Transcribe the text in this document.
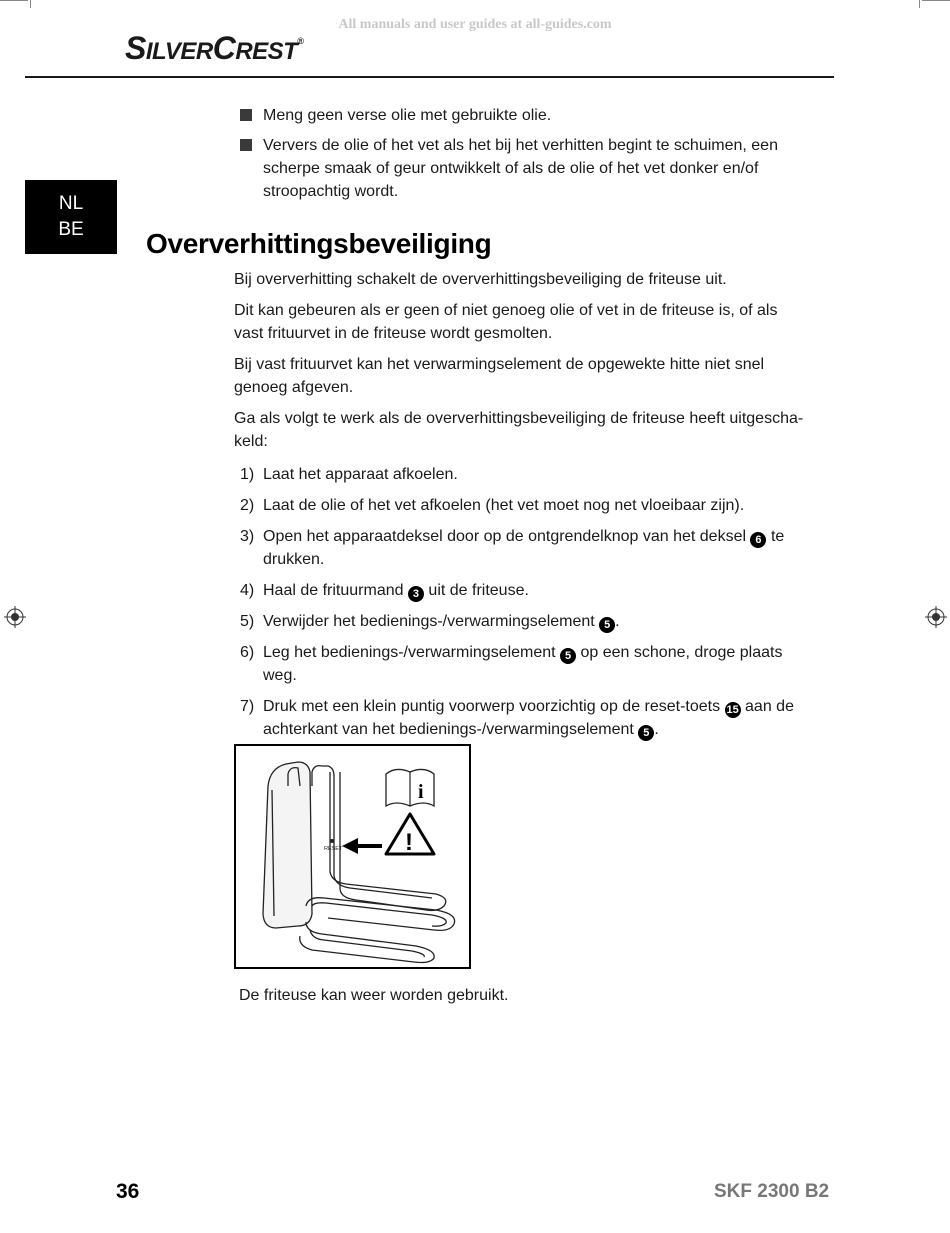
All manuals and user guides at all-guides.com
SILVERCREST®
NL
BE
Meng geen verse olie met gebruikte olie.
Ververs de olie of het vet als het bij het verhitten begint te schuimen, een scherpe smaak of geur ontwikkelt of als de olie of het vet donker en/of stroopachtig wordt.
Oververhittingsbeveiliging

Bij oververhitting schakelt de oververhittingsbeveiliging de friteuse uit.

Dit kan gebeuren als er geen of niet genoeg olie of vet in de friteuse is, of als vast frituurvet in de friteuse wordt gesmolten.

Bij vast frituurvet kan het verwarmingselement de opgewekte hitte niet snel genoeg afgeven.

Ga als volgt te werk als de oververhittingsbeveiliging de friteuse heeft uitgescha-keld:

1) Laat het apparaat afkoelen.
2) Laat de olie of het vet afkoelen (het vet moet nog net vloeibaar zijn).
3) Open het apparaatdeksel door op de ontgrendelknop van het deksel 6 te drukken.
4) Haal de frituurmand 3 uit de friteuse.
5) Verwijder het bedienings-/verwarmingselement 5 .
6) Leg het bedienings-/verwarmingselement 5 op een schone, droge plaats weg.
7) Druk met een klein puntig voorwerp voorzichtig op de reset-toets 15 aan de achterkant van het bedienings-/verwarmingselement 5 .
RESET
i
!
De friteuse kan weer worden gebruikt.
36	SKF 2300 B2
